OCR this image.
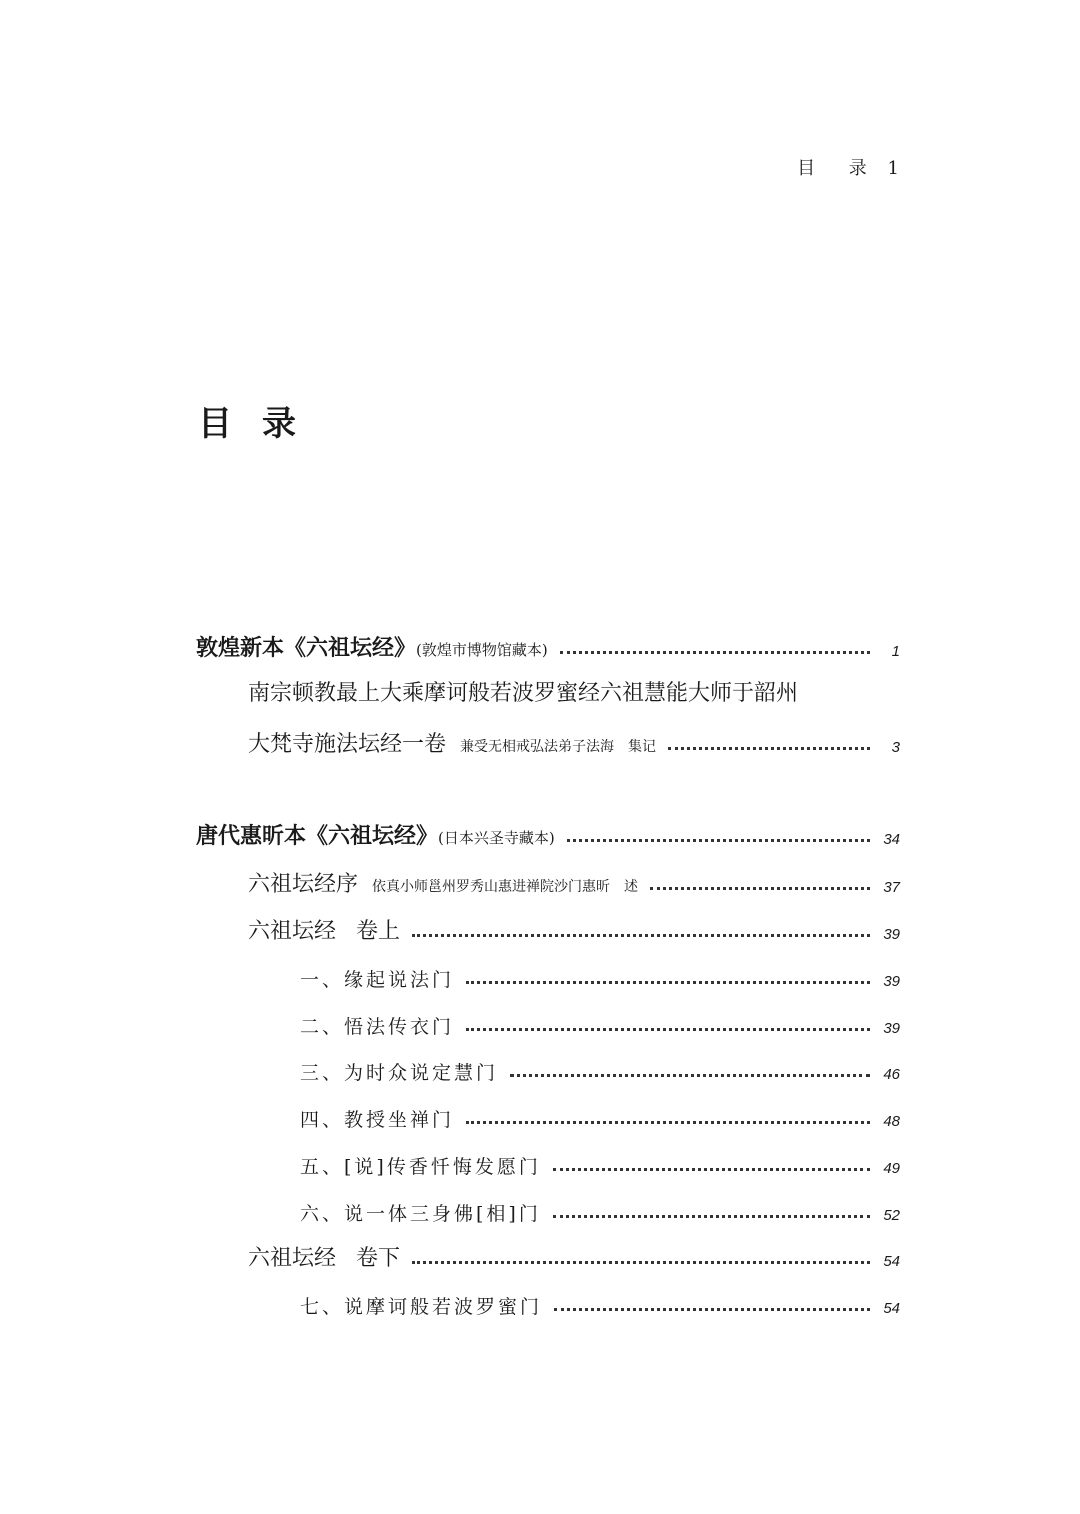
目 录 1
目 录
敦煌新本《六祖坛经》(敦煌市博物馆藏本)	1
南宗顿教最上大乘摩诃般若波罗蜜经六祖慧能大师于韶州
大梵寺施法坛经一卷 兼受无相戒弘法弟子法海　集记	3
唐代惠昕本《六祖坛经》(日本兴圣寺藏本)	34
六祖坛经序 依真小师邕州罗秀山惠进禅院沙门惠昕　述	37
六祖坛经 卷上	39
一、缘起说法门	39
二、悟法传衣门	39
三、为时众说定慧门	46
四、教授坐禅门	48
五、[说]传香忏悔发愿门	49
六、说一体三身佛[相]门	52
六祖坛经 卷下	54
七、说摩诃般若波罗蜜门	54
